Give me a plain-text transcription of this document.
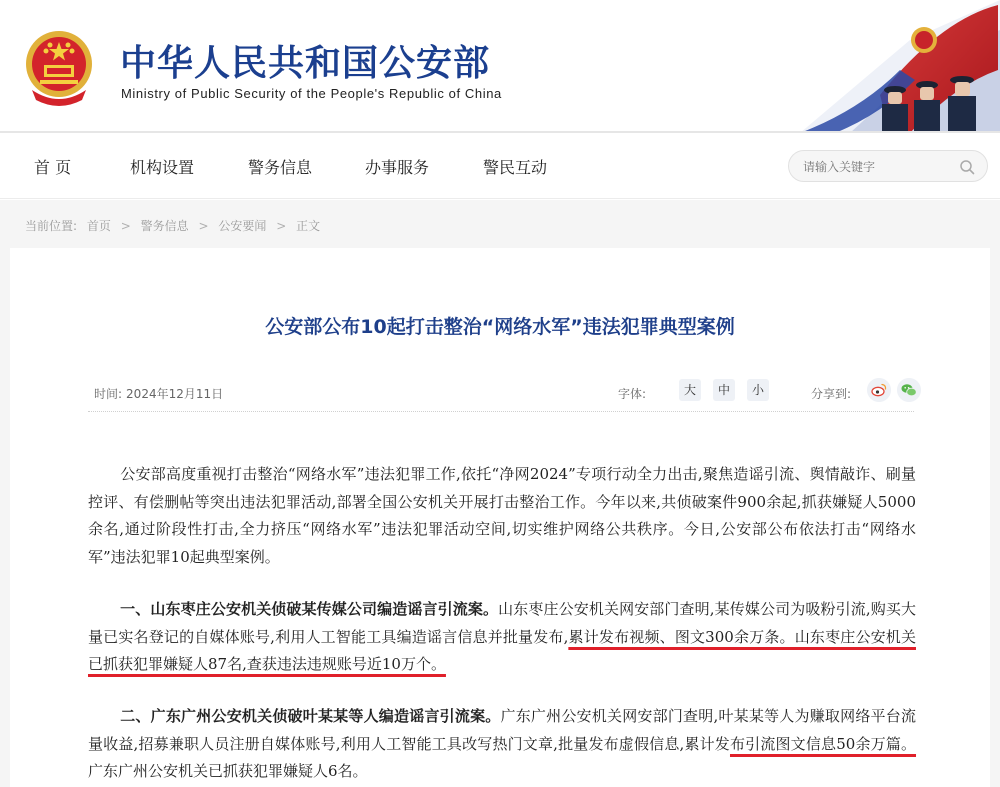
中华人民共和国公安部
Ministry of Public Security of the People's Republic of China
首 页	机构设置	警务信息	办事服务	警民互动
请输入关键字
当前位置: 首页 > 警务信息 > 公安要闻 > 正文
公安部公布10起打击整治“网络水军”违法犯罪典型案例
时间: 2024年12月11日	字体:	大	中	小	分享到:
公安部高度重视打击整治“网络水军”违法犯罪工作,依托“净网2024”专项行动全力出击,聚焦造谣引流、舆情敲诈、刷量控评、有偿删帖等突出违法犯罪活动,部署全国公安机关开展打击整治工作。今年以来,共侦破案件900余起,抓获嫌疑人5000余名,通过阶段性打击,全力挤压“网络水军”违法犯罪活动空间,切实维护网络公共秩序。今日,公安部公布依法打击“网络水军”违法犯罪10起典型案例。
一、山东枣庄公安机关侦破某传媒公司编造谣言引流案。山东枣庄公安机关网安部门查明,某传媒公司为吸粉引流,购买大量已实名登记的自媒体账号,利用人工智能工具编造谣言信息并批量发布,累计发布视频、图文300余万条。山东枣庄公安机关已抓获犯罪嫌疑人87名,查获违法违规账号近10万个。
二、广东广州公安机关侦破叶某某等人编造谣言引流案。广东广州公安机关网安部门查明,叶某某等人为赚取网络平台流量收益,招募兼职人员注册自媒体账号,利用人工智能工具改写热门文章,批量发布虚假信息,累计发布引流图文信息50余万篇。广东广州公安机关已抓获犯罪嫌疑人6名。
